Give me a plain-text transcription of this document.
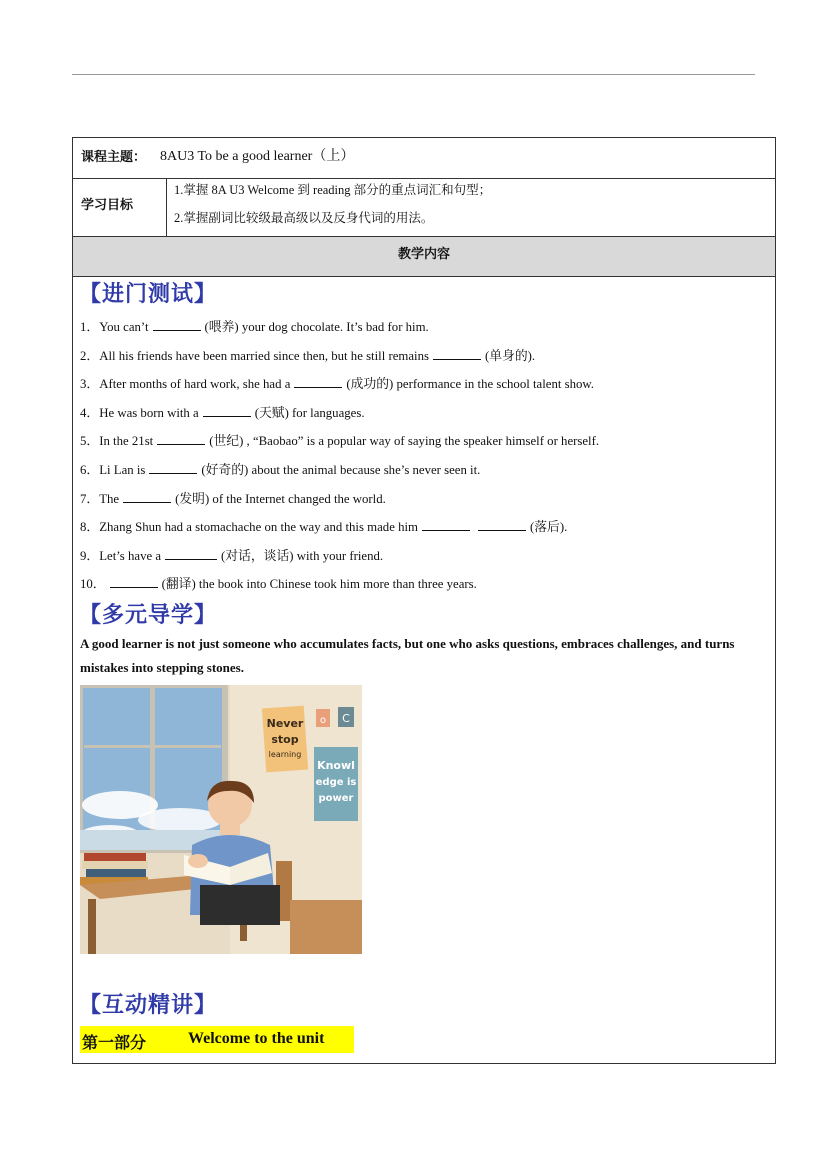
课程主题： 8AU3 To be a good learner（上）
学习目标
1.掌握 8A U3 Welcome 到 reading 部分的重点词汇和句型；
2.掌握副词比较级最高级以及反身代词的用法。
教学内容
【进门测试】
1．You can’t	(喂养) your dog chocolate. It’s bad for him.
2．All his friends have been married since then, but he still remains	(单身的).
3．After months of hard work, she had a	(成功的) performance in the school talent show.
4．He was born with a	(天赋) for languages.
5．In the 21st	(世纪) , “Baobao” is a popular way of saying the speaker himself or herself.
6．Li Lan is	(好奇的) about the animal because she’s never seen it.
7．The	(发明) of the Internet changed the world.
8．Zhang Shun had a stomachache on the way and this made him	(落后).
9．Let’s have a	(对话，谈话) with your friend.
10．	(翻译) the book into Chinese took him more than three years.
【多元导学】
A good learner is not just someone who accumulates facts, but one who asks questions, embraces challenges, and turns mistakes into stepping stones.
Never
stop
learning
o C
Knowl
edge is
power
【互动精讲】
第一部分	Welcome to the unit
